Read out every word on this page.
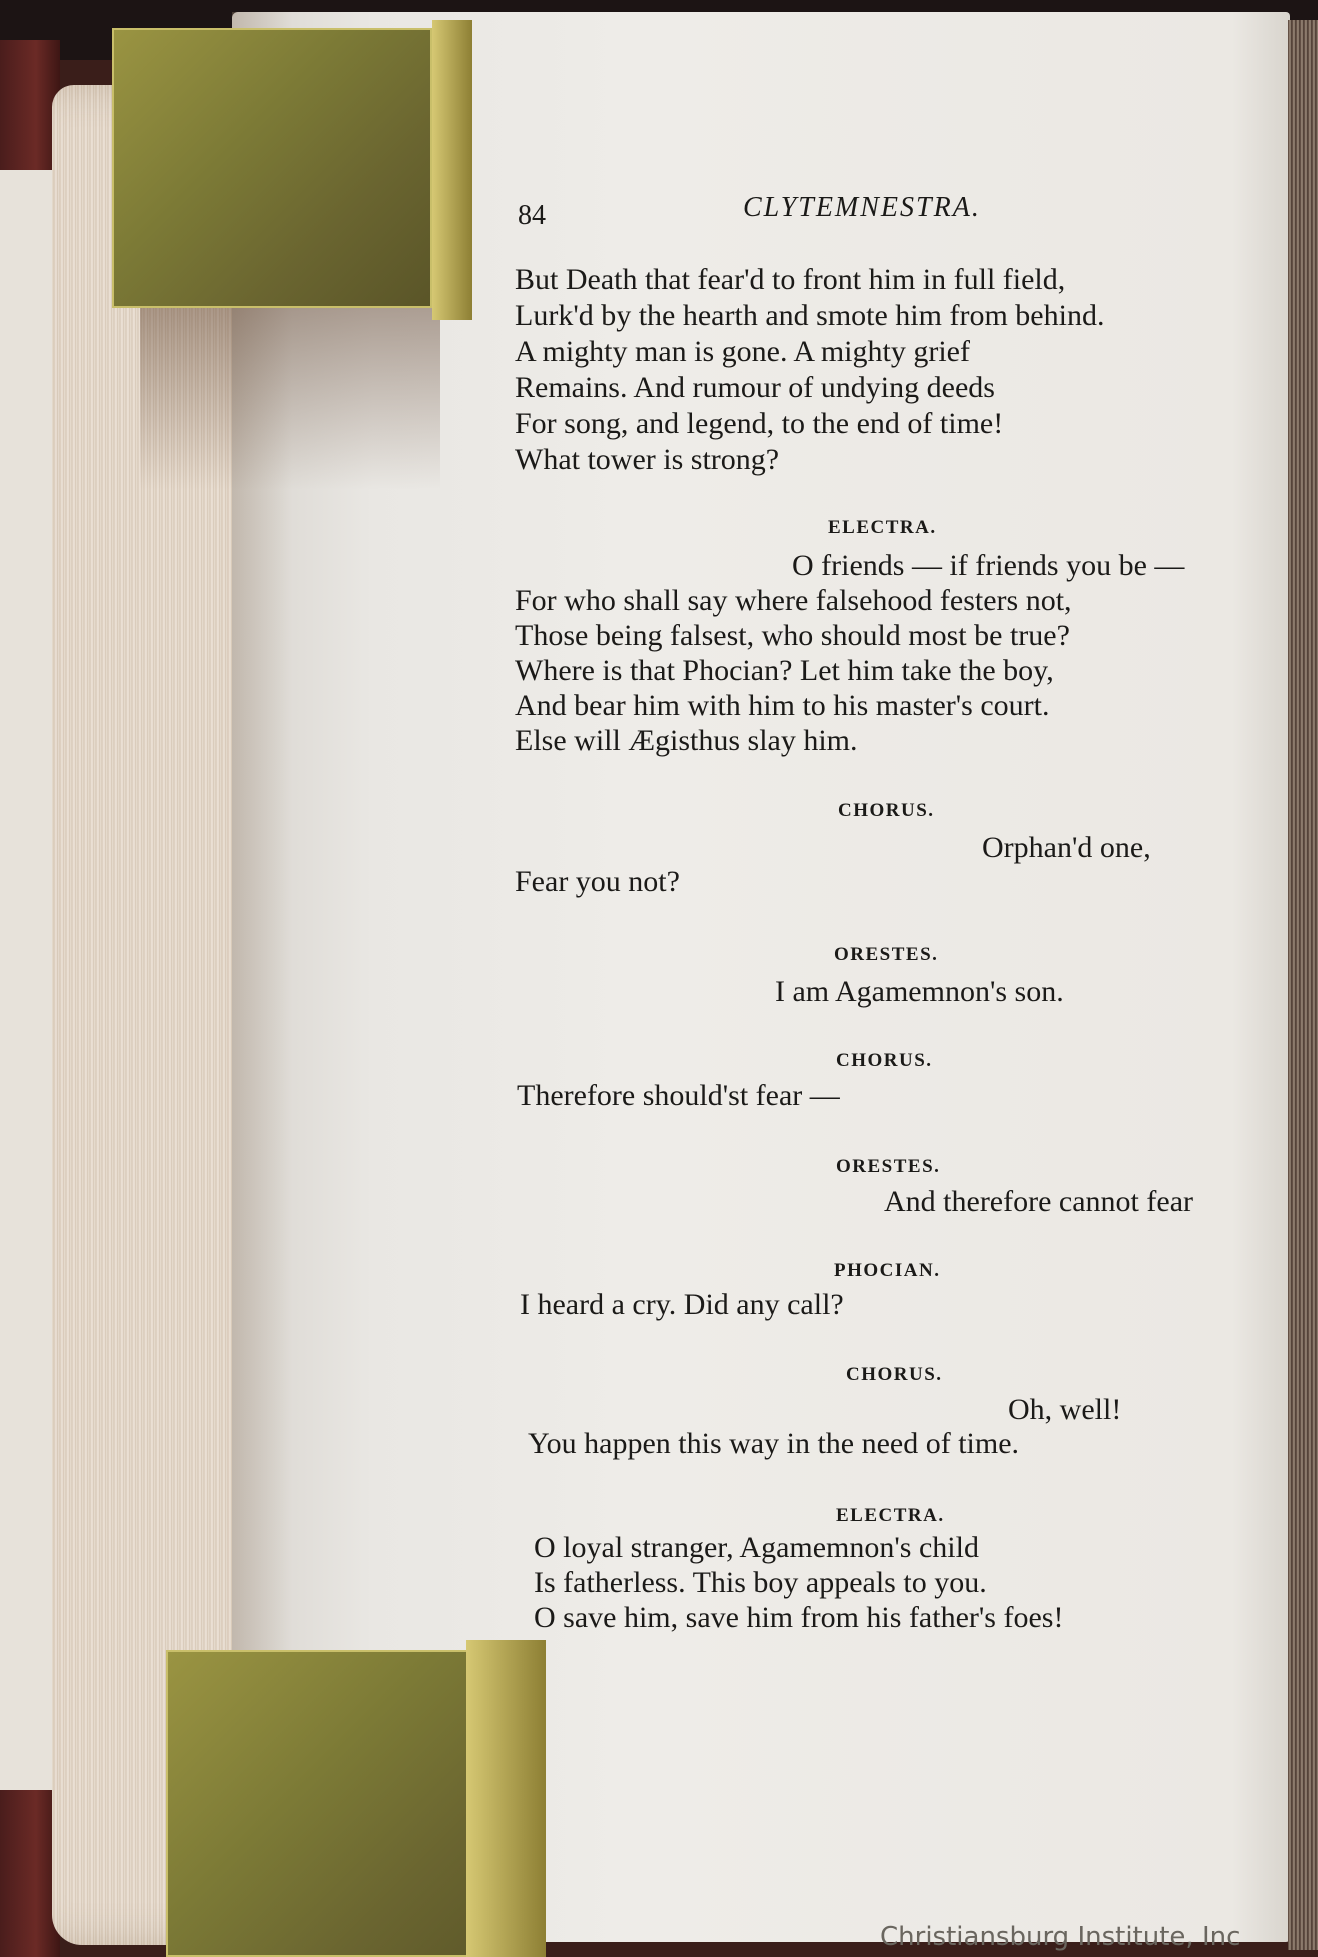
84	CLYTEMNESTRA.
But Death that fear'd to front him in full field,
Lurk'd by the hearth and smote him from behind.
A mighty man is gone. A mighty grief
Remains. And rumour of undying deeds
For song, and legend, to the end of time!
What tower is strong?
ELECTRA.
O friends — if friends you be —
For who shall say where falsehood festers not,
Those being falsest, who should most be true?
Where is that Phocian? Let him take the boy,
And bear him with him to his master's court.
Else will Ægisthus slay him.
CHORUS.
Orphan'd one,
Fear you not?
ORESTES.
I am Agamemnon's son.
CHORUS.
Therefore should'st fear —
ORESTES.
And therefore cannot fear
PHOCIAN.
I heard a cry. Did any call?
CHORUS.
Oh, well!
You happen this way in the need of time.
ELECTRA.
O loyal stranger, Agamemnon's child
Is fatherless. This boy appeals to you.
O save him, save him from his father's foes!
Christiansburg Institute, Inc
